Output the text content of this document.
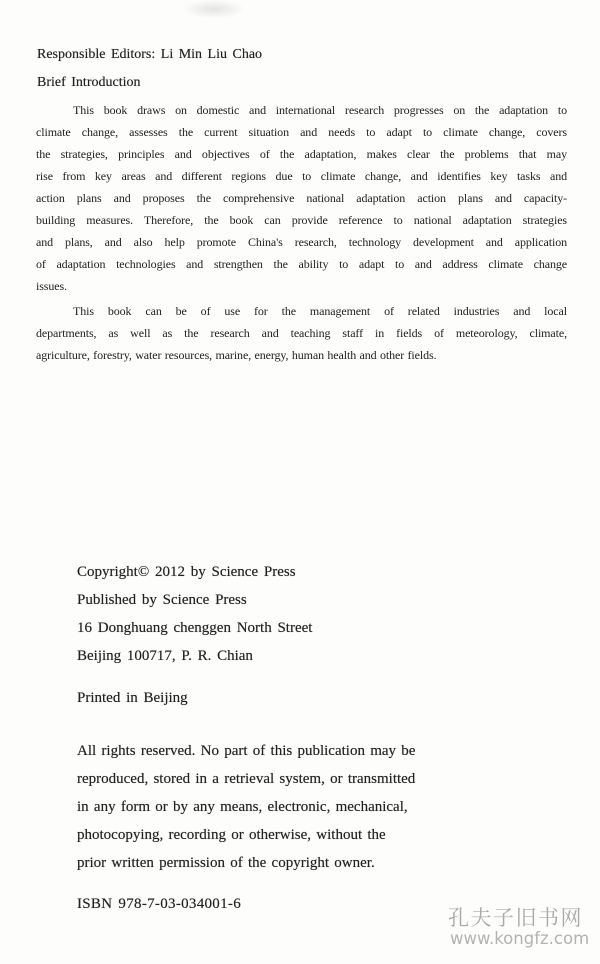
Responsible Editors: Li Min Liu Chao
Brief Introduction
This book draws on domestic and international research progresses on the adaptation to
climate change, assesses the current situation and needs to adapt to climate change, covers
the strategies, principles and objectives of the adaptation, makes clear the problems that may
rise from key areas and different regions due to climate change, and identifies key tasks and
action plans and proposes the comprehensive national adaptation action plans and capacity-
building measures. Therefore, the book can provide reference to national adaptation strategies
and plans, and also help promote China's research, technology development and application
of adaptation technologies and strengthen the ability to adapt to and address climate change
issues.
This book can be of use for the management of related industries and local
departments, as well as the research and teaching staff in fields of meteorology, climate,
agriculture, forestry, water resources, marine, energy, human health and other fields.
Copyright© 2012 by Science Press
Published by Science Press
16 Donghuang chenggen North Street
Beijing 100717, P. R. Chian
Printed in Beijing
All rights reserved. No part of this publication may be
reproduced, stored in a retrieval system, or transmitted
in any form or by any means, electronic, mechanical,
photocopying, recording or otherwise, without the
prior written permission of the copyright owner.
ISBN 978-7-03-034001-6
孔夫子旧书网
www.kongfz.com
